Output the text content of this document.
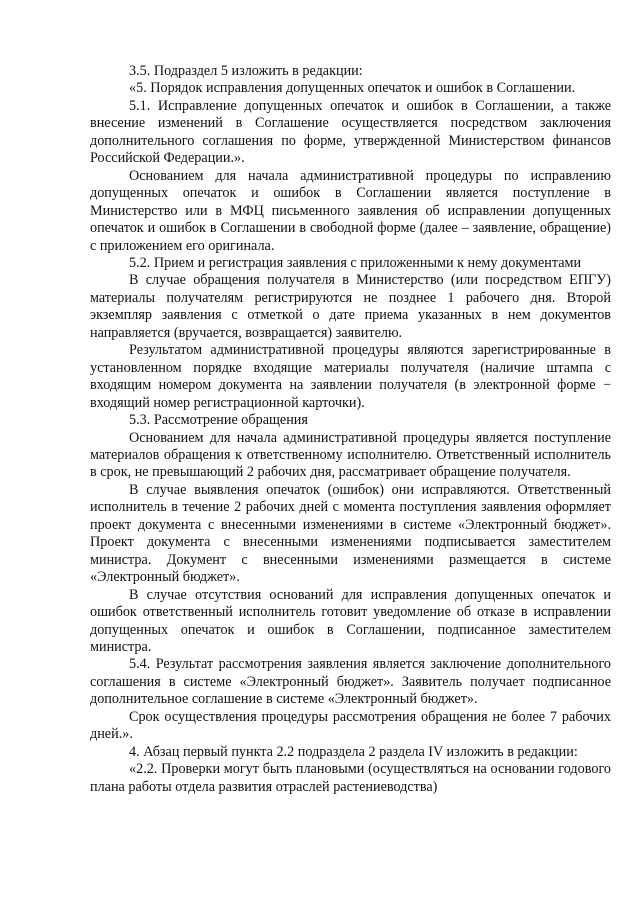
3.5. Подраздел 5 изложить в редакции:

«5. Порядок исправления допущенных опечаток и ошибок в Соглашении.

5.1. Исправление допущенных опечаток и ошибок в Соглашении, а также внесение изменений в Соглашение осуществляется посредством заключения дополнительного соглашения по форме, утвержденной Министерством финансов Российской Федерации.».

Основанием для начала административной процедуры по исправлению допущенных опечаток и ошибок в Соглашении является поступление в Министерство или в МФЦ письменного заявления об исправлении допущенных опечаток и ошибок в Соглашении в свободной форме (далее – заявление, обращение) с приложением его оригинала.

5.2. Прием и регистрация заявления с приложенными к нему документами

В случае обращения получателя в Министерство (или посредством ЕПГУ) материалы получателям регистрируются не позднее 1 рабочего дня. Второй экземпляр заявления с отметкой о дате приема указанных в нем документов направляется (вручается, возвращается) заявителю.

Результатом административной процедуры являются зарегистрированные в установленном порядке входящие материалы получателя (наличие штампа с входящим номером документа на заявлении получателя (в электронной форме − входящий номер регистрационной карточки).

5.3. Рассмотрение обращения

Основанием для начала административной процедуры является поступление материалов обращения к ответственному исполнителю. Ответственный исполнитель в срок, не превышающий 2 рабочих дня, рассматривает обращение получателя.

В случае выявления опечаток (ошибок) они исправляются. Ответственный исполнитель в течение 2 рабочих дней с момента поступления заявления оформляет проект документа с внесенными изменениями в системе «Электронный бюджет». Проект документа с внесенными изменениями подписывается заместителем министра. Документ с внесенными изменениями размещается в системе «Электронный бюджет».

В случае отсутствия оснований для исправления допущенных опечаток и ошибок ответственный исполнитель готовит уведомление об отказе в исправлении допущенных опечаток и ошибок в Соглашении, подписанное заместителем министра.

5.4. Результат рассмотрения заявления является заключение дополнительного соглашения в системе «Электронный бюджет». Заявитель получает подписанное дополнительное соглашение в системе «Электронный бюджет».

Срок осуществления процедуры рассмотрения обращения не более 7 рабочих дней.».

4. Абзац первый пункта 2.2 подраздела 2 раздела IV изложить в редакции:

«2.2. Проверки могут быть плановыми (осуществляться на основании годового плана работы отдела развития отраслей растениеводства)
